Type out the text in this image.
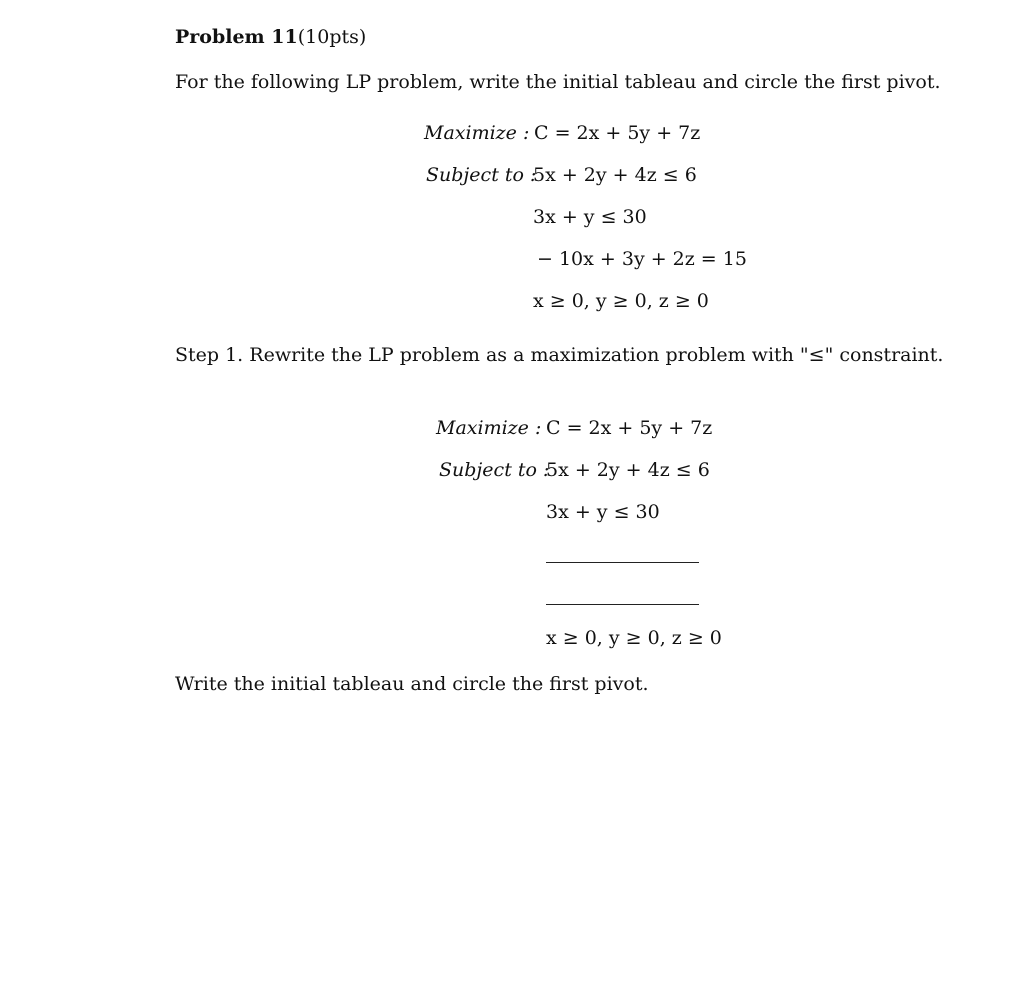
Problem 11(10pts)
For the following LP problem, write the initial tableau and circle the first pivot.
Maximize : C = 2x + 5y + 7z
Subject to :
5x + 2y + 4z ≤ 6
3x + y ≤ 30
− 10x + 3y + 2z = 15
x ≥ 0, y ≥ 0, z ≥ 0
Step 1. Rewrite the LP problem as a maximization problem with "≤" constraint.
Maximize : C = 2x + 5y + 7z
Subject to :
5x + 2y + 4z ≤ 6
3x + y ≤ 30
x ≥ 0, y ≥ 0, z ≥ 0
Write the initial tableau and circle the first pivot.
